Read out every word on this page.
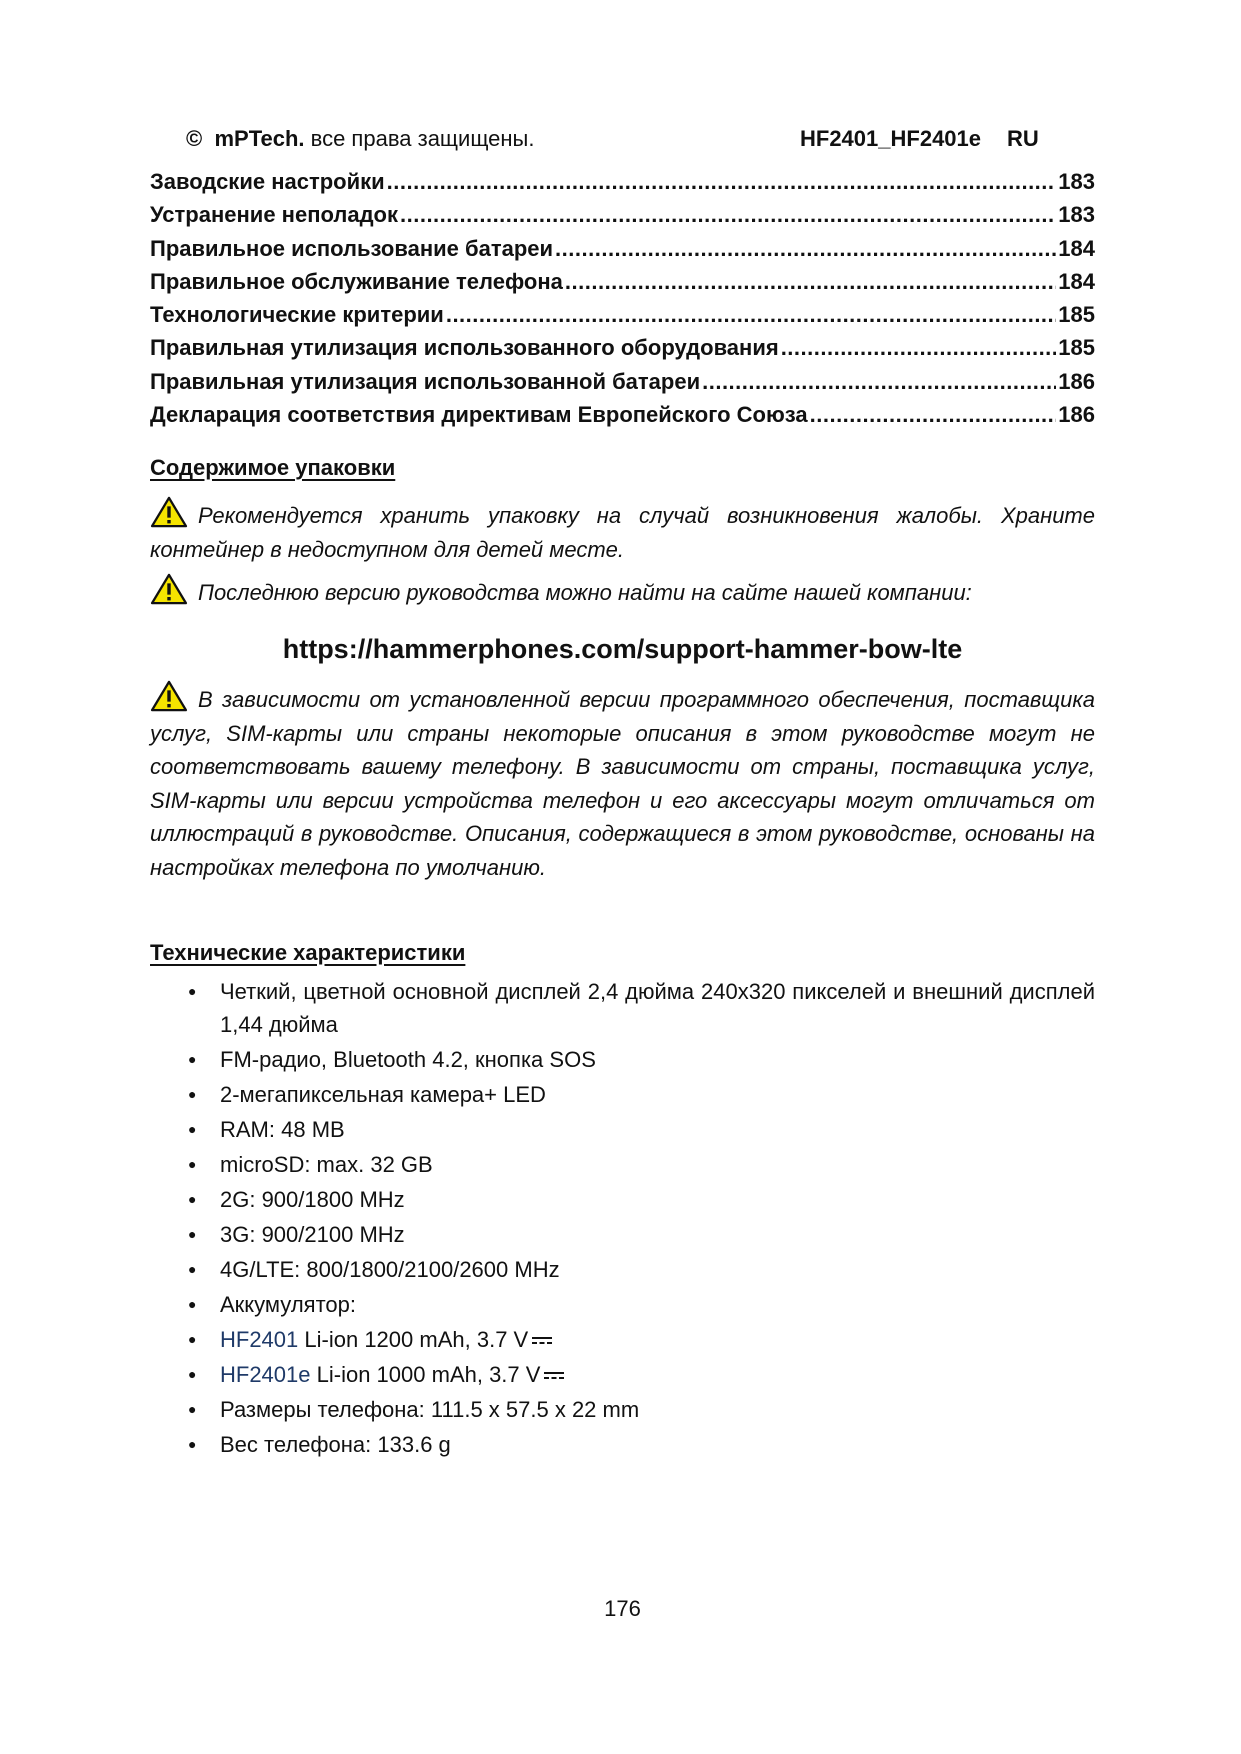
© mPTech. все права защищены.	HF2401_HF2401e RU
Заводские настройки .....	183
Устранение неполадок .....	183
Правильное использование батареи .....	184
Правильное обслуживание телефона .....	184
Технологические критерии .....	185
Правильная утилизация использованного оборудования .....	185
Правильная утилизация использованной батареи .....	186
Декларация соответствия директивам Европейского Союза .....	186
Содержимое упаковки
Рекомендуется хранить упаковку на случай возникновения жалобы. Храните контейнер в недоступном для детей месте.
Последнюю версию руководства можно найти на сайте нашей компании:
https://hammerphones.com/support-hammer-bow-lte
В зависимости от установленной версии программного обеспечения, поставщика услуг, SIM-карты или страны некоторые описания в этом руководстве могут не соответствовать вашему телефону. В зависимости от страны, поставщика услуг, SIM-карты или версии устройства телефон и его аксессуары могут отличаться от иллюстраций в руководстве. Описания, содержащиеся в этом руководстве, основаны на настройках телефона по умолчанию.
Технические характеристики
● Четкий, цветной основной дисплей 2,4 дюйма 240x320 пикселей и внешний дисплей 1,44 дюйма
● FM-радио, Bluetooth 4.2, кнопка SOS
● 2-мегапиксельная камера+ LED
● RAM: 48 MB
● microSD: max. 32 GB
● 2G: 900/1800 MHz
● 3G: 900/2100 MHz
● 4G/LTE: 800/1800/2100/2600 MHz
● Аккумулятор:
● HF2401 Li-ion 1200 mAh, 3.7 V
● HF2401e Li-ion 1000 mAh, 3.7 V
● Размеры телефона: 111.5 x 57.5 x 22 mm
● Вес телефона: 133.6 g
176
